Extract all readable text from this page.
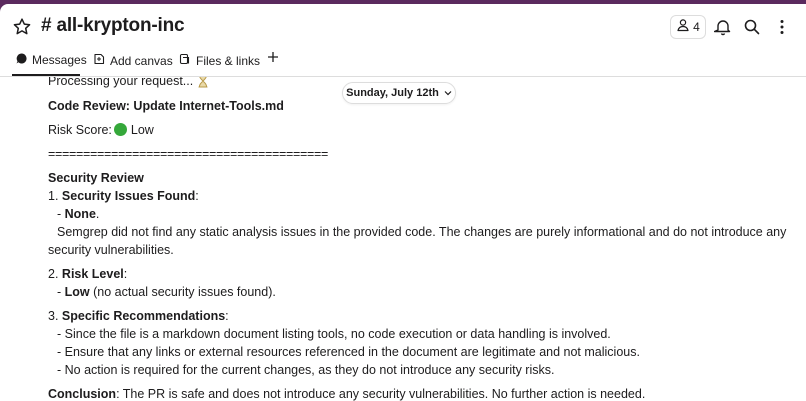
# all-krypton-inc	4
Messages Add canvas Files & links
Processing your request...
Sunday, July 12th
Code Review: Update Internet-Tools.md
Risk Score: Low
========================================
Security Review
1. Security Issues Found:
- None.
Semgrep did not find any static analysis issues in the provided code. The changes are purely informational and do not introduce any
security vulnerabilities.
2. Risk Level:
- Low (no actual security issues found).
3. Specific Recommendations:
- Since the file is a markdown document listing tools, no code execution or data handling is involved.
- Ensure that any links or external resources referenced in the document are legitimate and not malicious.
- No action is required for the current changes, as they do not introduce any security risks.
Conclusion: The PR is safe and does not introduce any security vulnerabilities. No further action is needed.
